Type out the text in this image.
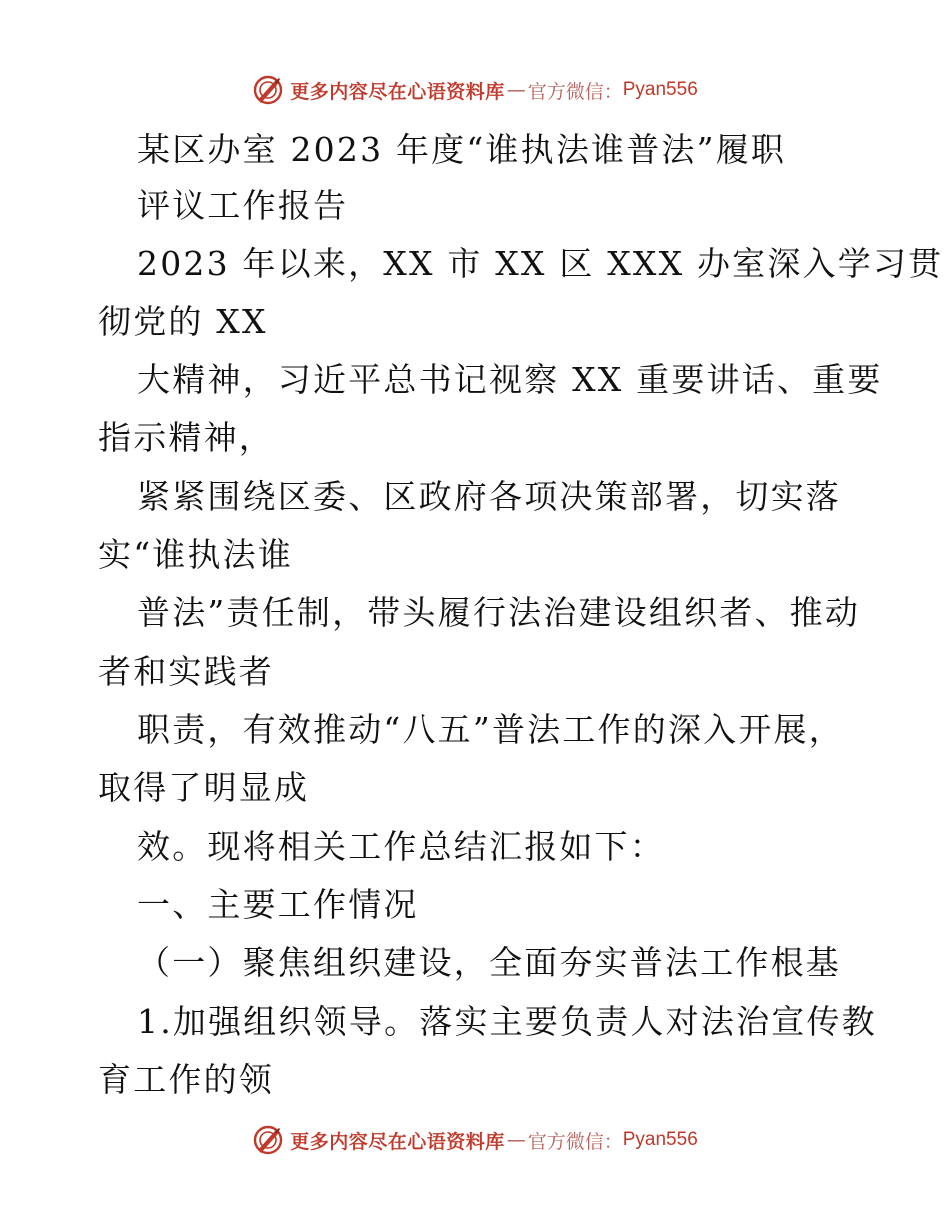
更多内容尽在心语资料库 — 官方微信： Pyan556
某区办室 2023 年度“谁执法谁普法”履职
评议工作报告
2023 年以来，XX 市 XX 区 XXX 办室深入学习贯
彻党的 XX
大精神，习近平总书记视察 XX 重要讲话、重要
指示精神，
紧紧围绕区委、区政府各项决策部署，切实落
实“谁执法谁
普法”责任制，带头履行法治建设组织者、推动
者和实践者
职责，有效推动“八五”普法工作的深入开展，
取得了明显成
效。现将相关工作总结汇报如下：
一、主要工作情况
（一）聚焦组织建设，全面夯实普法工作根基
1.加强组织领导。落实主要负责人对法治宣传教
育工作的领
更多内容尽在心语资料库 — 官方微信： Pyan556
